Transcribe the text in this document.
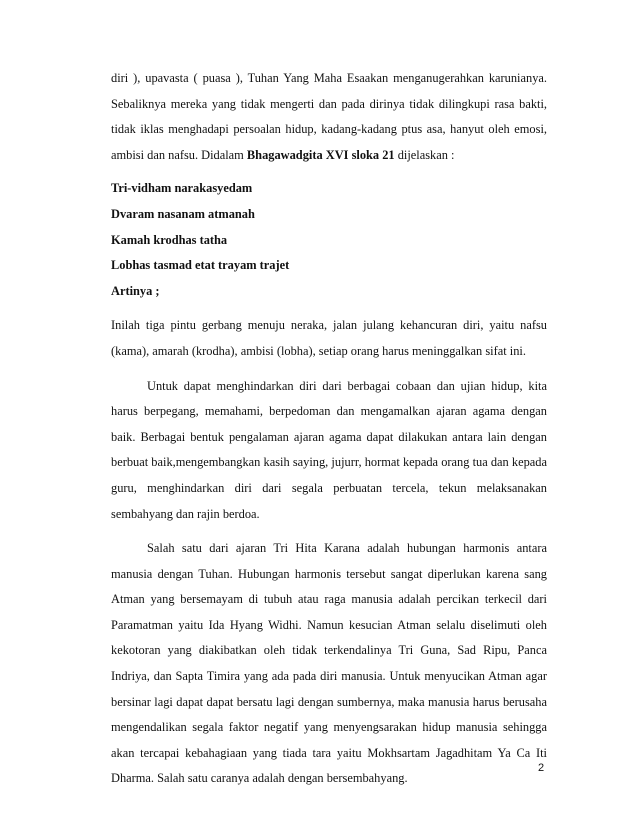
diri ), upavasta ( puasa ), Tuhan Yang Maha Esaakan menganugerahkan karunianya. Sebaliknya mereka yang tidak mengerti dan pada dirinya tidak dilingkupi rasa bakti, tidak iklas menghadapi persoalan hidup, kadang-kadang ptus asa, hanyut oleh emosi, ambisi dan nafsu. Didalam Bhagawadgita XVI sloka 21 dijelaskan :

Tri-vidham narakasyedam

Dvaram nasanam atmanah

Kamah krodhas tatha

Lobhas tasmad etat trayam trajet

Artinya ;

Inilah tiga pintu gerbang menuju neraka, jalan julang kehancuran diri, yaitu nafsu (kama), amarah (krodha), ambisi (lobha), setiap orang harus meninggalkan sifat ini.

Untuk dapat menghindarkan diri dari berbagai cobaan dan ujian hidup, kita harus berpegang, memahami, berpedoman dan mengamalkan ajaran agama dengan baik. Berbagai bentuk pengalaman ajaran agama dapat dilakukan antara lain dengan berbuat baik,mengembangkan kasih saying, jujurr, hormat kepada orang tua dan kepada guru, menghindarkan diri dari segala perbuatan tercela, tekun melaksanakan sembahyang dan rajin berdoa.

Salah satu dari ajaran Tri Hita Karana adalah hubungan harmonis antara manusia dengan Tuhan. Hubungan harmonis tersebut sangat diperlukan karena sang Atman yang bersemayam di tubuh atau raga manusia adalah percikan terkecil dari Paramatman yaitu Ida Hyang Widhi. Namun kesucian Atman selalu diselimuti oleh kekotoran yang diakibatkan oleh tidak terkendalinya Tri Guna, Sad Ripu, Panca Indriya, dan Sapta Timira yang ada pada diri manusia. Untuk menyucikan Atman agar bersinar lagi dapat dapat bersatu lagi dengan sumbernya, maka manusia harus berusaha mengendalikan segala faktor negatif yang menyengsarakan hidup manusia sehingga akan tercapai kebahagiaan yang tiada tara yaitu Mokhsartam Jagadhitam Ya Ca Iti Dharma. Salah satu caranya adalah dengan bersembahyang.

2
